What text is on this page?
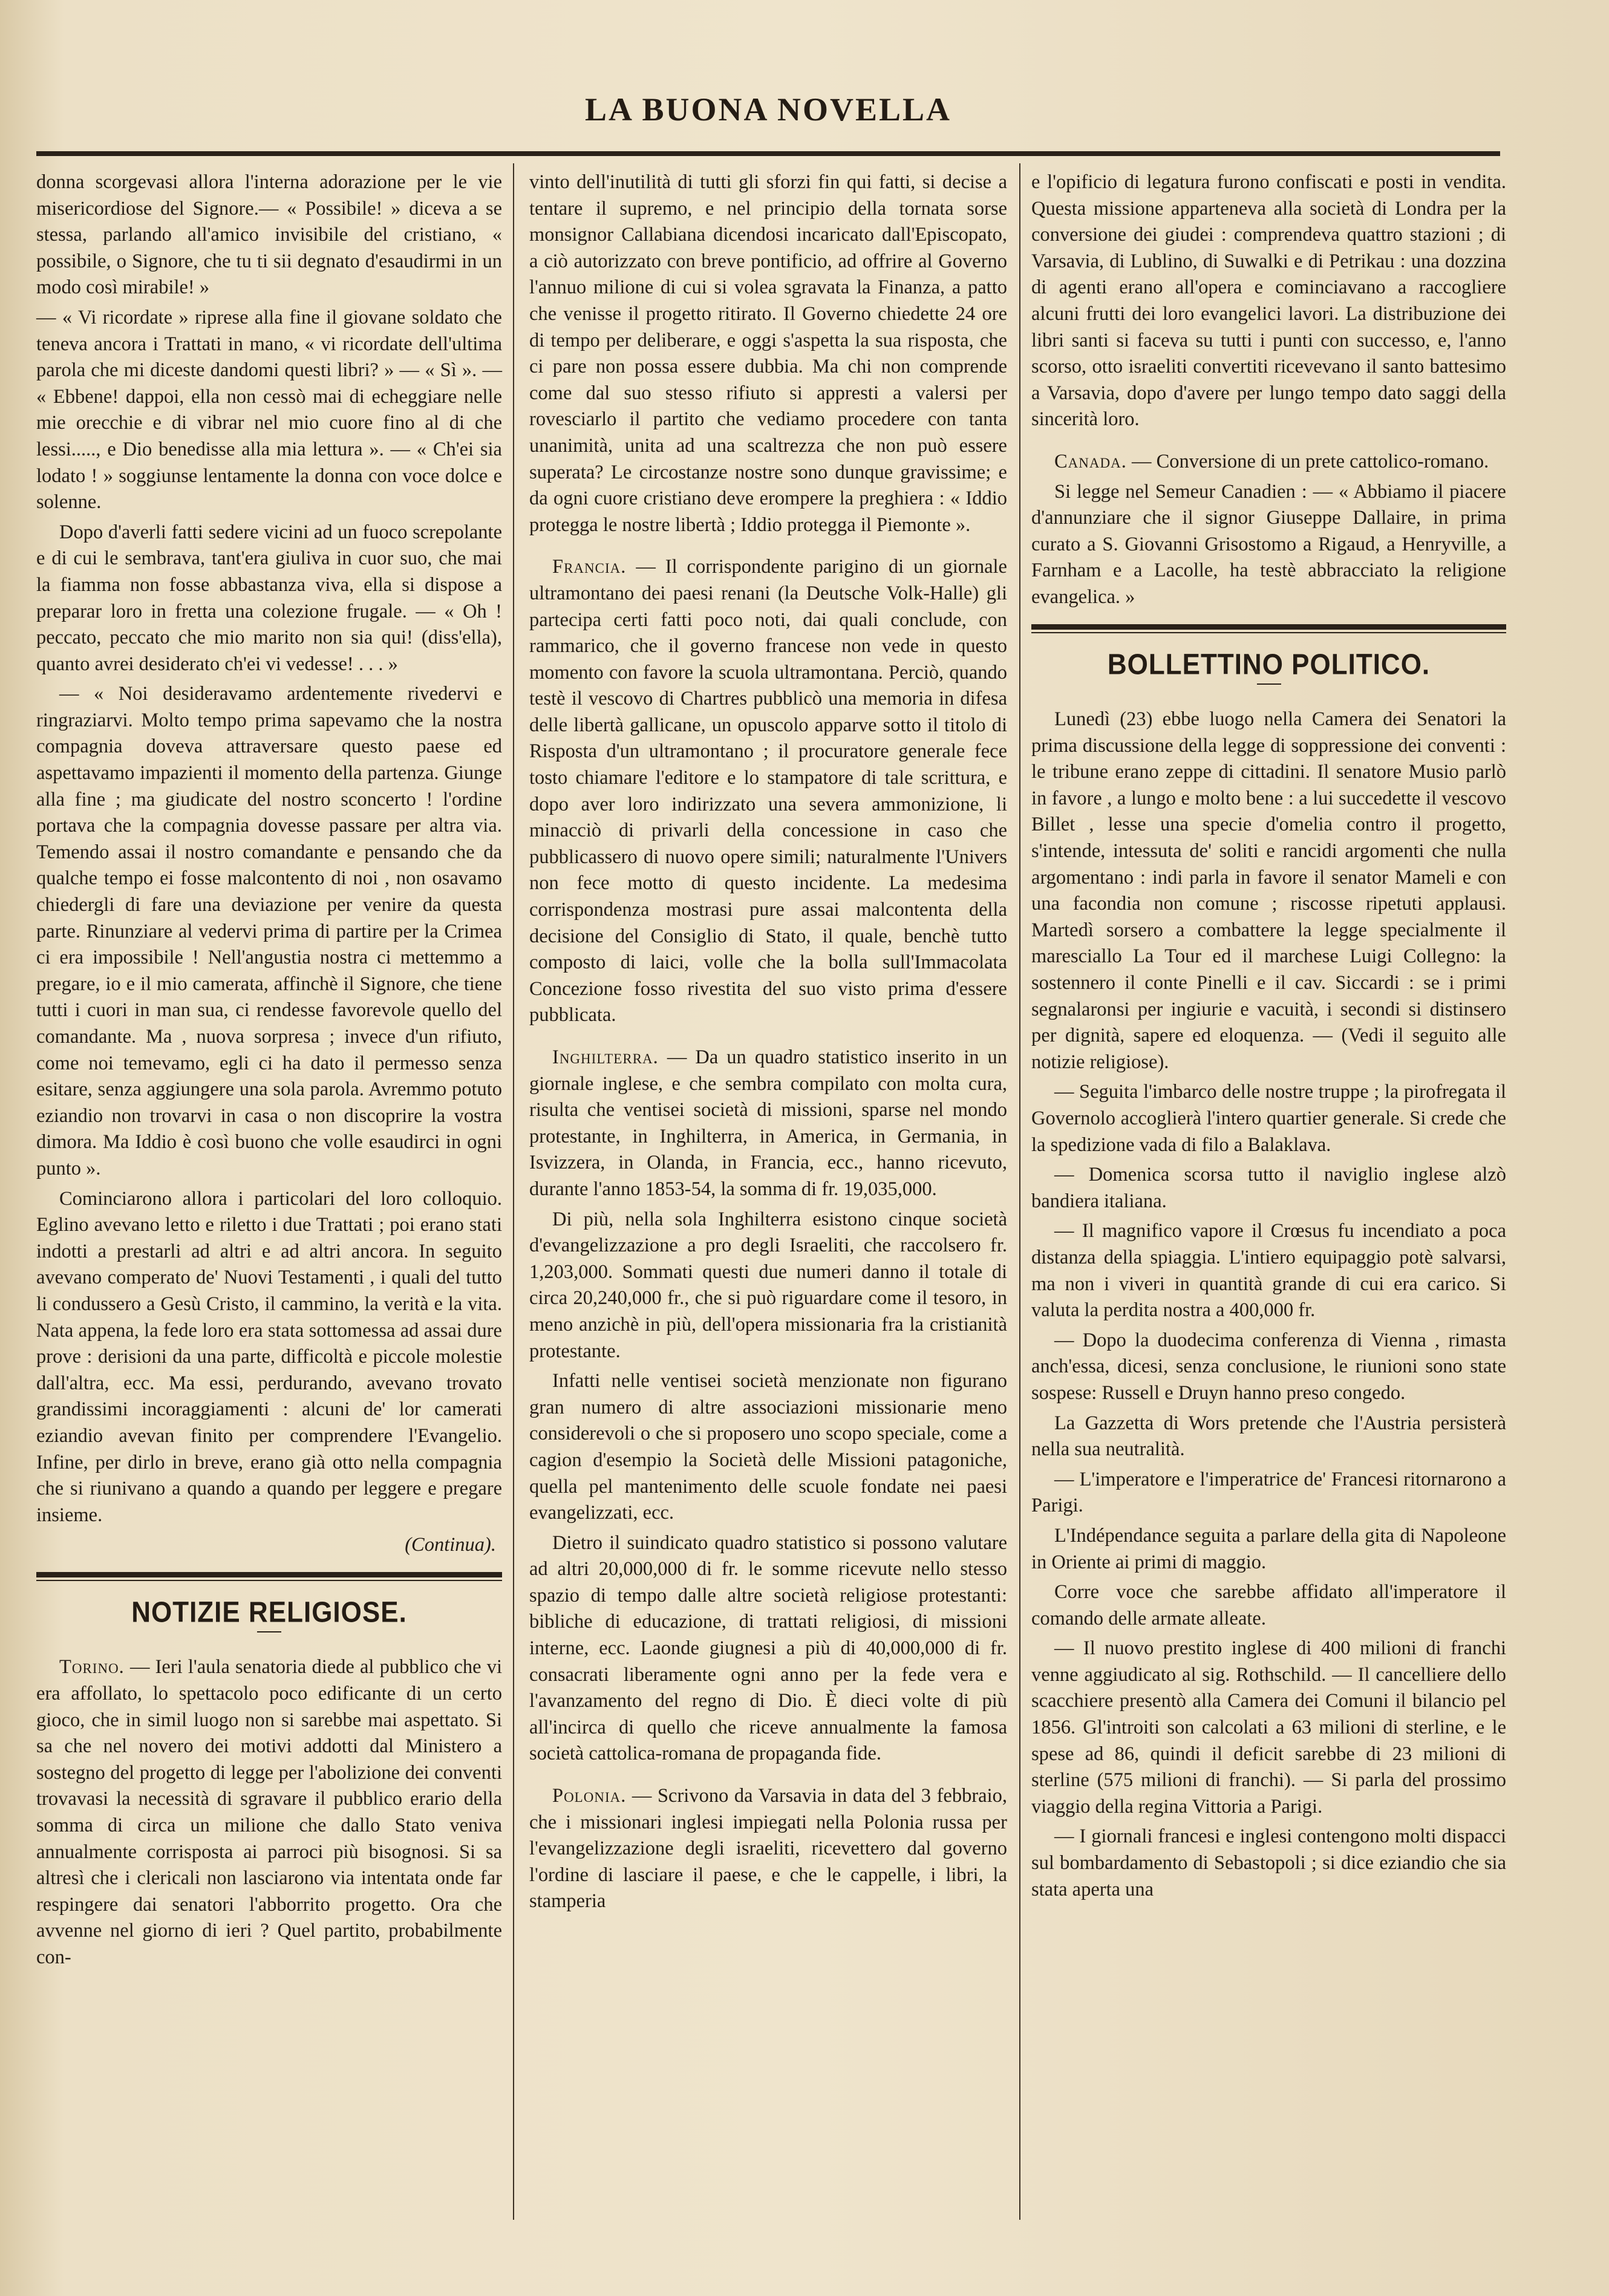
LA BUONA NOVELLA

donna scorgevasi allora l'interna adorazione per le vie misericordiose del Signore.— « Possibile! » diceva a se stessa, parlando all'amico invisibile del cristiano, « possibile, o Signore, che tu ti sii degnato d'esaudirmi in un modo così mirabile! »

— « Vi ricordate » riprese alla fine il giovane soldato che teneva ancora i Trattati in mano, « vi ricordate dell'ultima parola che mi diceste dandomi questi libri? » — « Sì ». — « Ebbene! dappoi, ella non cessò mai di echeggiare nelle mie orecchie e di vibrar nel mio cuore fino al di che lessi....., e Dio benedisse alla mia lettura ». — « Ch'ei sia lodato ! » soggiunse lentamente la donna con voce dolce e solenne.

Dopo d'averli fatti sedere vicini ad un fuoco screpolante e di cui le sembrava, tant'era giuliva in cuor suo, che mai la fiamma non fosse abbastanza viva, ella si dispose a preparar loro in fretta una colezione frugale. — « Oh ! peccato, peccato che mio marito non sia qui! (diss'ella), quanto avrei desiderato ch'ei vi vedesse! . . . »

— « Noi desideravamo ardentemente rivedervi e ringraziarvi. Molto tempo prima sapevamo che la nostra compagnia doveva attraversare questo paese ed aspettavamo impazienti il momento della partenza. Giunge alla fine ; ma giudicate del nostro sconcerto ! l'ordine portava che la compagnia dovesse passare per altra via. Temendo assai il nostro comandante e pensando che da qualche tempo ei fosse malcontento di noi , non osavamo chiedergli di fare una deviazione per venire da questa parte. Rinunziare al vedervi prima di partire per la Crimea ci era impossibile ! Nell'angustia nostra ci mettemmo a pregare, io e il mio camerata, affinchè il Signore, che tiene tutti i cuori in man sua, ci rendesse favorevole quello del comandante. Ma , nuova sorpresa ; invece d'un rifiuto, come noi temevamo, egli ci ha dato il permesso senza esitare, senza aggiungere una sola parola. Avremmo potuto eziandio non trovarvi in casa o non discoprire la vostra dimora. Ma Iddio è così buono che volle esaudirci in ogni punto ».

Cominciarono allora i particolari del loro colloquio. Eglino avevano letto e riletto i due Trattati ; poi erano stati indotti a prestarli ad altri e ad altri ancora. In seguito avevano comperato de' Nuovi Testamenti , i quali del tutto li condussero a Gesù Cristo, il cammino, la verità e la vita. Nata appena, la fede loro era stata sottomessa ad assai dure prove : derisioni da una parte, difficoltà e piccole molestie dall'altra, ecc. Ma essi, perdurando, avevano trovato grandissimi incoraggiamenti : alcuni de' lor camerati eziandio avevan finito per comprendere l'Evangelio. Infine, per dirlo in breve, erano già otto nella compagnia che si riunivano a quando a quando per leggere e pregare insieme.

(Continua).
NOTIZIE RELIGIOSE.

Torino. — Ieri l'aula senatoria diede al pubblico che vi era affollato, lo spettacolo poco edificante di un certo gioco, che in simil luogo non si sarebbe mai aspettato. Si sa che nel novero dei motivi addotti dal Ministero a sostegno del progetto di legge per l'abolizione dei conventi trovavasi la necessità di sgravare il pubblico erario della somma di circa un milione che dallo Stato veniva annualmente corrisposta ai parroci più bisognosi. Si sa altresì che i clericali non lasciarono via intentata onde far respingere dai senatori l'abborrito progetto. Ora che avvenne nel giorno di ieri ? Quel partito, probabilmente con-

vinto dell'inutilità di tutti gli sforzi fin qui fatti, si decise a tentare il supremo, e nel principio della tornata sorse monsignor Callabiana dicendosi incaricato dall'Episcopato, a ciò autorizzato con breve pontificio, ad offrire al Governo l'annuo milione di cui si volea sgravata la Finanza, a patto che venisse il progetto ritirato. Il Governo chiedette 24 ore di tempo per deliberare, e oggi s'aspetta la sua risposta, che ci pare non possa essere dubbia. Ma chi non comprende come dal suo stesso rifiuto si appresti a valersi per rovesciarlo il partito che vediamo procedere con tanta unanimità, unita ad una scaltrezza che non può essere superata? Le circostanze nostre sono dunque gravissime; e da ogni cuore cristiano deve erompere la preghiera : « Iddio protegga le nostre libertà ; Iddio protegga il Piemonte ».

Francia. — Il corrispondente parigino di un giornale ultramontano dei paesi renani (la Deutsche Volk-Halle) gli partecipa certi fatti poco noti, dai quali conclude, con rammarico, che il governo francese non vede in questo momento con favore la scuola ultramontana. Perciò, quando testè il vescovo di Chartres pubblicò una memoria in difesa delle libertà gallicane, un opuscolo apparve sotto il titolo di Risposta d'un ultramontano ; il procuratore generale fece tosto chiamare l'editore e lo stampatore di tale scrittura, e dopo aver loro indirizzato una severa ammonizione, li minacciò di privarli della concessione in caso che pubblicassero di nuovo opere simili; naturalmente l'Univers non fece motto di questo incidente. La medesima corrispondenza mostrasi pure assai malcontenta della decisione del Consiglio di Stato, il quale, benchè tutto composto di laici, volle che la bolla sull'Immacolata Concezione fosso rivestita del suo visto prima d'essere pubblicata.

Inghilterra. — Da un quadro statistico inserito in un giornale inglese, e che sembra compilato con molta cura, risulta che ventisei società di missioni, sparse nel mondo protestante, in Inghilterra, in America, in Germania, in Isvizzera, in Olanda, in Francia, ecc., hanno ricevuto, durante l'anno 1853-54, la somma di fr. 19,035,000.

Di più, nella sola Inghilterra esistono cinque società d'evangelizzazione a pro degli Israeliti, che raccolsero fr. 1,203,000. Sommati questi due numeri danno il totale di circa 20,240,000 fr., che si può riguardare come il tesoro, in meno anzichè in più, dell'opera missionaria fra la cristianità protestante.

Infatti nelle ventisei società menzionate non figurano gran numero di altre associazioni missionarie meno considerevoli o che si proposero uno scopo speciale, come a cagion d'esempio la Società delle Missioni patagoniche, quella pel mantenimento delle scuole fondate nei paesi evangelizzati, ecc.

Dietro il suindicato quadro statistico si possono valutare ad altri 20,000,000 di fr. le somme ricevute nello stesso spazio di tempo dalle altre società religiose protestanti: bibliche di educazione, di trattati religiosi, di missioni interne, ecc. Laonde giugnesi a più di 40,000,000 di fr. consacrati liberamente ogni anno per la fede vera e l'avanzamento del regno di Dio. È dieci volte di più all'incirca di quello che riceve annualmente la famosa società cattolica-romana de propaganda fide.

Polonia. — Scrivono da Varsavia in data del 3 febbraio, che i missionari inglesi impiegati nella Polonia russa per l'evangelizzazione degli israeliti, ricevettero dal governo l'ordine di lasciare il paese, e che le cappelle, i libri, la stamperia

e l'opificio di legatura furono confiscati e posti in vendita. Questa missione apparteneva alla società di Londra per la conversione dei giudei : comprendeva quattro stazioni ; di Varsavia, di Lublino, di Suwalki e di Petrikau : una dozzina di agenti erano all'opera e cominciavano a raccogliere alcuni frutti dei loro evangelici lavori. La distribuzione dei libri santi si faceva su tutti i punti con successo, e, l'anno scorso, otto israeliti convertiti ricevevano il santo battesimo a Varsavia, dopo d'avere per lungo tempo dato saggi della sincerità loro.

Canada. — Conversione di un prete cattolico-romano.

Si legge nel Semeur Canadien : — « Abbiamo il piacere d'annunziare che il signor Giuseppe Dallaire, in prima curato a S. Giovanni Grisostomo a Rigaud, a Henryville, a Farnham e a Lacolle, ha testè abbracciato la religione evangelica. »

BOLLETTINO POLITICO.

Lunedì (23) ebbe luogo nella Camera dei Senatori la prima discussione della legge di soppressione dei conventi : le tribune erano zeppe di cittadini. Il senatore Musio parlò in favore , a lungo e molto bene : a lui succedette il vescovo Billet , lesse una specie d'omelia contro il progetto, s'intende, intessuta de' soliti e rancidi argomenti che nulla argomentano : indi parla in favore il senator Mameli e con una facondia non comune ; riscosse ripetuti applausi. Martedì sorsero a combattere la legge specialmente il maresciallo La Tour ed il marchese Luigi Collegno: la sostennero il conte Pinelli e il cav. Siccardi : se i primi segnalaronsi per ingiurie e vacuità, i secondi si distinsero per dignità, sapere ed eloquenza. — (Vedi il seguito alle notizie religiose).

— Seguita l'imbarco delle nostre truppe ; la pirofregata il Governolo accoglierà l'intero quartier generale. Si crede che la spedizione vada di filo a Balaklava.

— Domenica scorsa tutto il naviglio inglese alzò bandiera italiana.

— Il magnifico vapore il Crœsus fu incendiato a poca distanza della spiaggia. L'intiero equipaggio potè salvarsi, ma non i viveri in quantità grande di cui era carico. Si valuta la perdita nostra a 400,000 fr.

— Dopo la duodecima conferenza di Vienna , rimasta anch'essa, dicesi, senza conclusione, le riunioni sono state sospese: Russell e Druyn hanno preso congedo.

La Gazzetta di Wors pretende che l'Austria persisterà nella sua neutralità.

— L'imperatore e l'imperatrice de' Francesi ritornarono a Parigi.

L'Indépendance seguita a parlare della gita di Napoleone in Oriente ai primi di maggio.

Corre voce che sarebbe affidato all'imperatore il comando delle armate alleate.

— Il nuovo prestito inglese di 400 milioni di franchi venne aggiudicato al sig. Rothschild. — Il cancelliere dello scacchiere presentò alla Camera dei Comuni il bilancio pel 1856. Gl'introiti son calcolati a 63 milioni di sterline, e le spese ad 86, quindi il deficit sarebbe di 23 milioni di sterline (575 milioni di franchi). — Si parla del prossimo viaggio della regina Vittoria a Parigi.

— I giornali francesi e inglesi contengono molti dispacci sul bombardamento di Sebastopoli ; si dice eziandio che sia stata aperta una
